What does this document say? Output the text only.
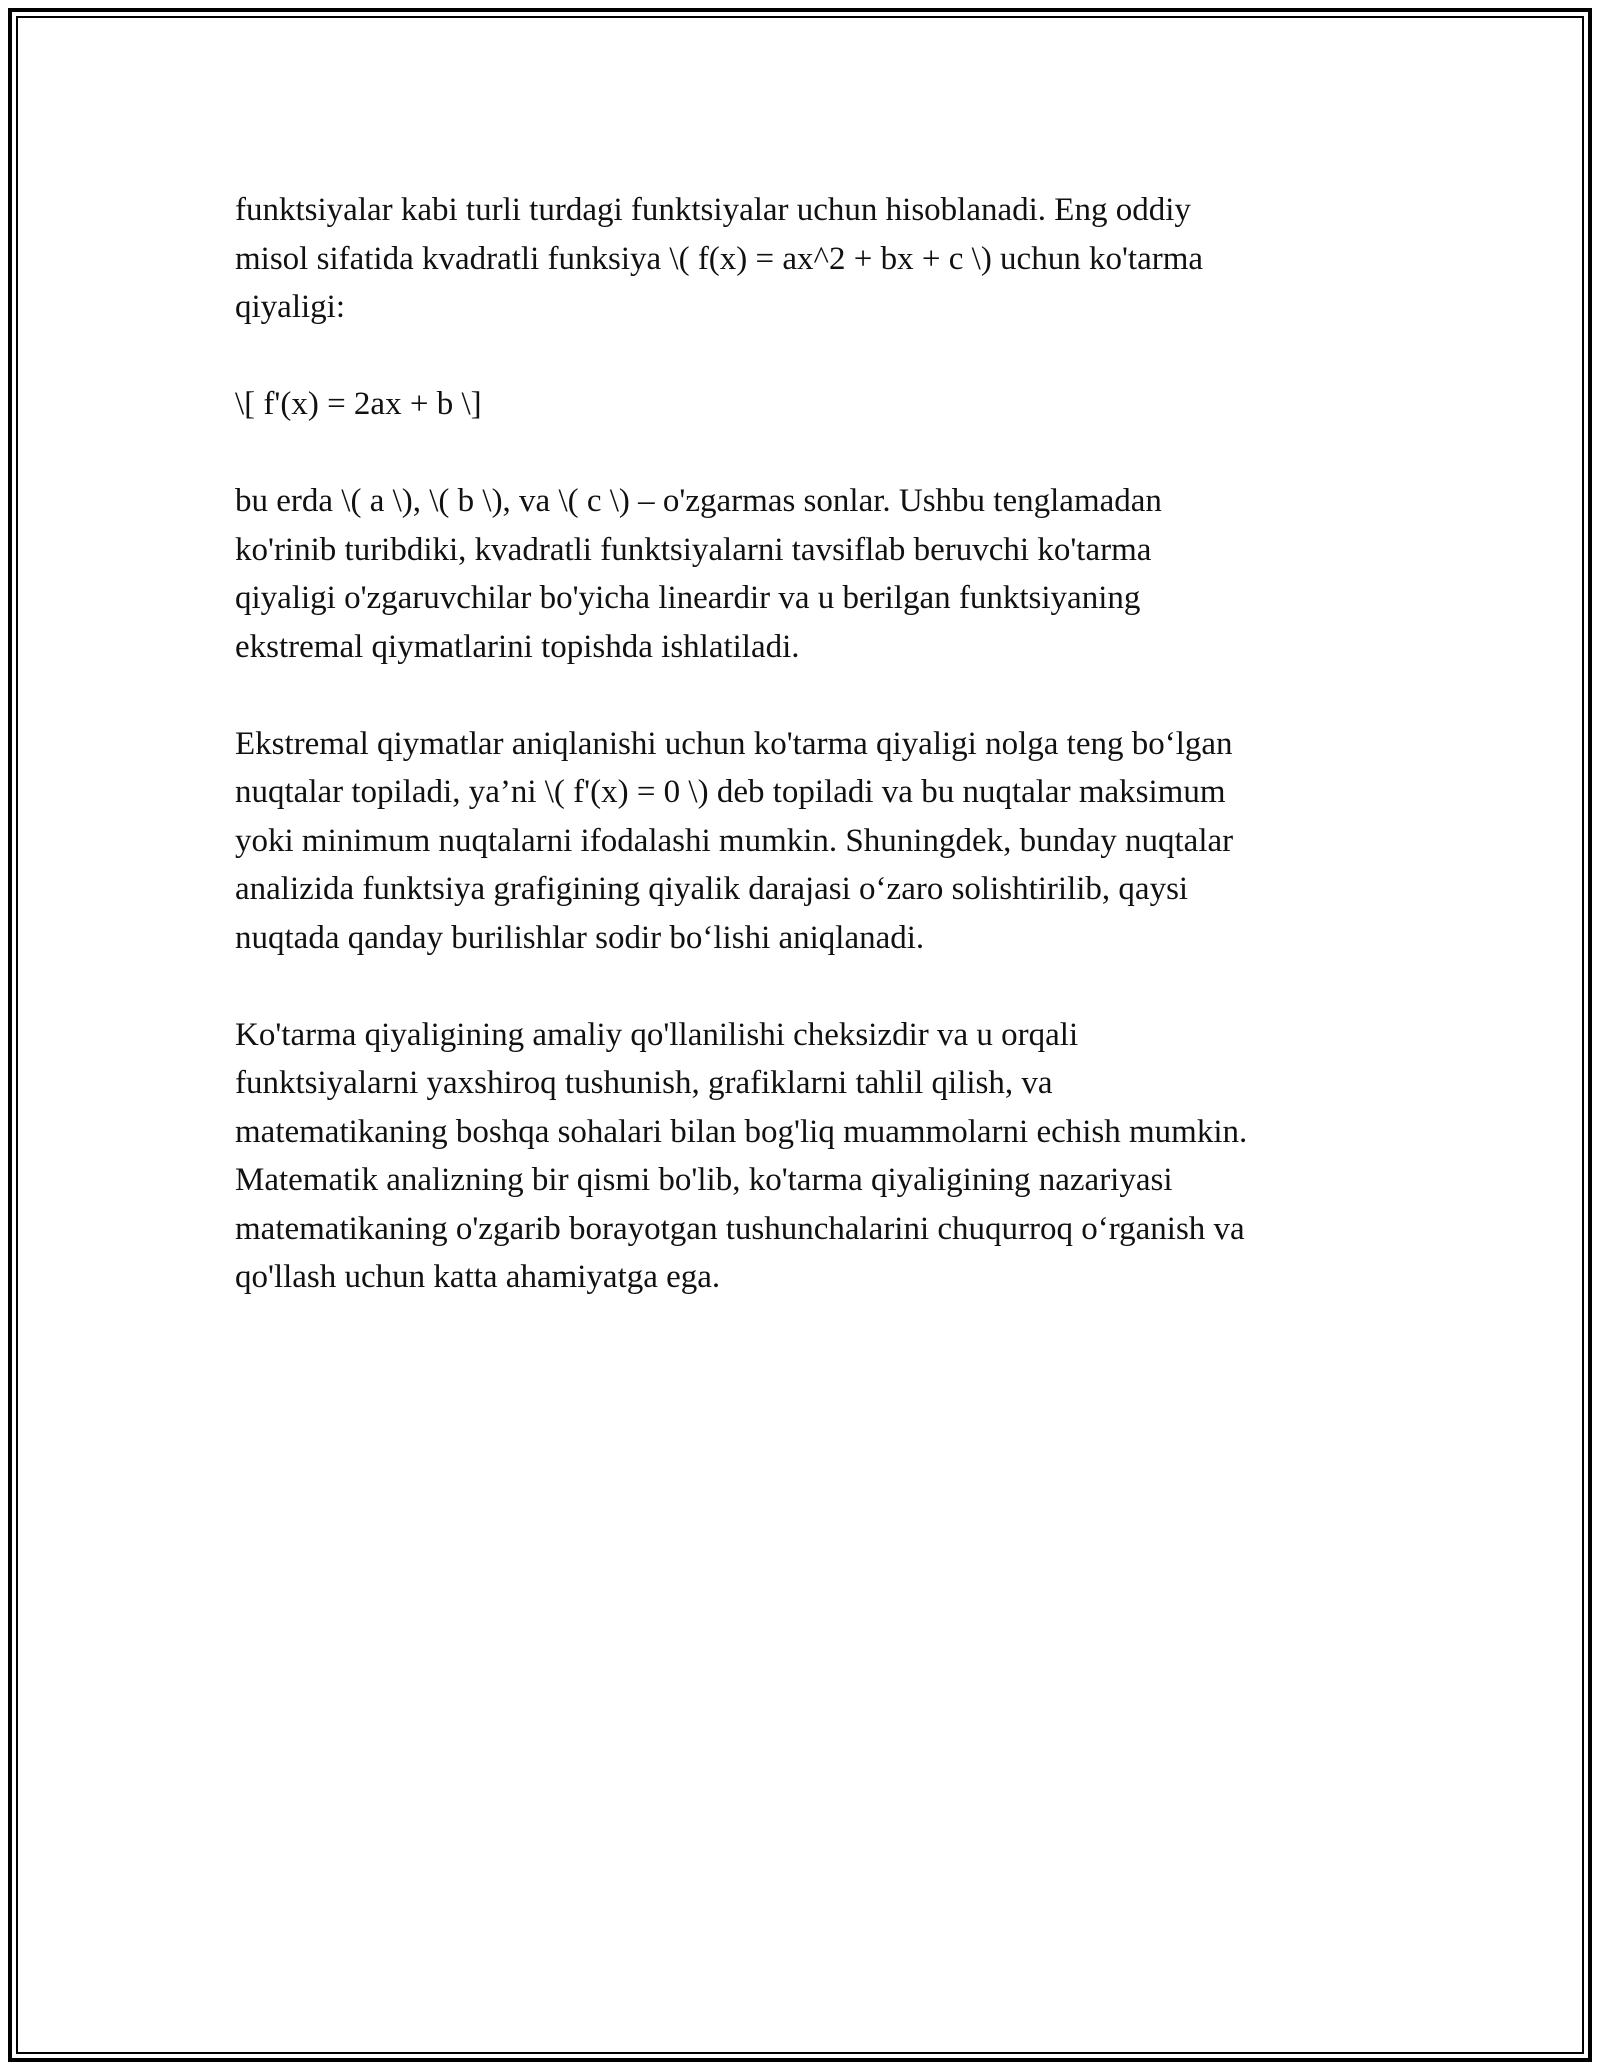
funktsiyalar kabi turli turdagi funktsiyalar uchun hisoblanadi. Eng oddiy
misol sifatida kvadratli funksiya \( f(x) = ax^2 + bx + c \) uchun ko'tarma
qiyaligi:

\[ f'(x) = 2ax + b \]

bu erda \( a \), \( b \), va \( c \) – o'zgarmas sonlar. Ushbu tenglamadan
ko'rinib turibdiki, kvadratli funktsiyalarni tavsiflab beruvchi ko'tarma
qiyaligi o'zgaruvchilar bo'yicha lineardir va u berilgan funktsiyaning
ekstremal qiymatlarini topishda ishlatiladi.

Ekstremal qiymatlar aniqlanishi uchun ko'tarma qiyaligi nolga teng bo‘lgan
nuqtalar topiladi, ya’ni \( f'(x) = 0 \) deb topiladi va bu nuqtalar maksimum
yoki minimum nuqtalarni ifodalashi mumkin. Shuningdek, bunday nuqtalar
analizida funktsiya grafigining qiyalik darajasi o‘zaro solishtirilib, qaysi
nuqtada qanday burilishlar sodir bo‘lishi aniqlanadi.

Ko'tarma qiyaligining amaliy qo'llanilishi cheksizdir va u orqali
funktsiyalarni yaxshiroq tushunish, grafiklarni tahlil qilish, va
matematikaning boshqa sohalari bilan bog'liq muammolarni echish mumkin.
Matematik analizning bir qismi bo'lib, ko'tarma qiyaligining nazariyasi
matematikaning o'zgarib borayotgan tushunchalarini chuqurroq o‘rganish va
qo'llash uchun katta ahamiyatga ega.
